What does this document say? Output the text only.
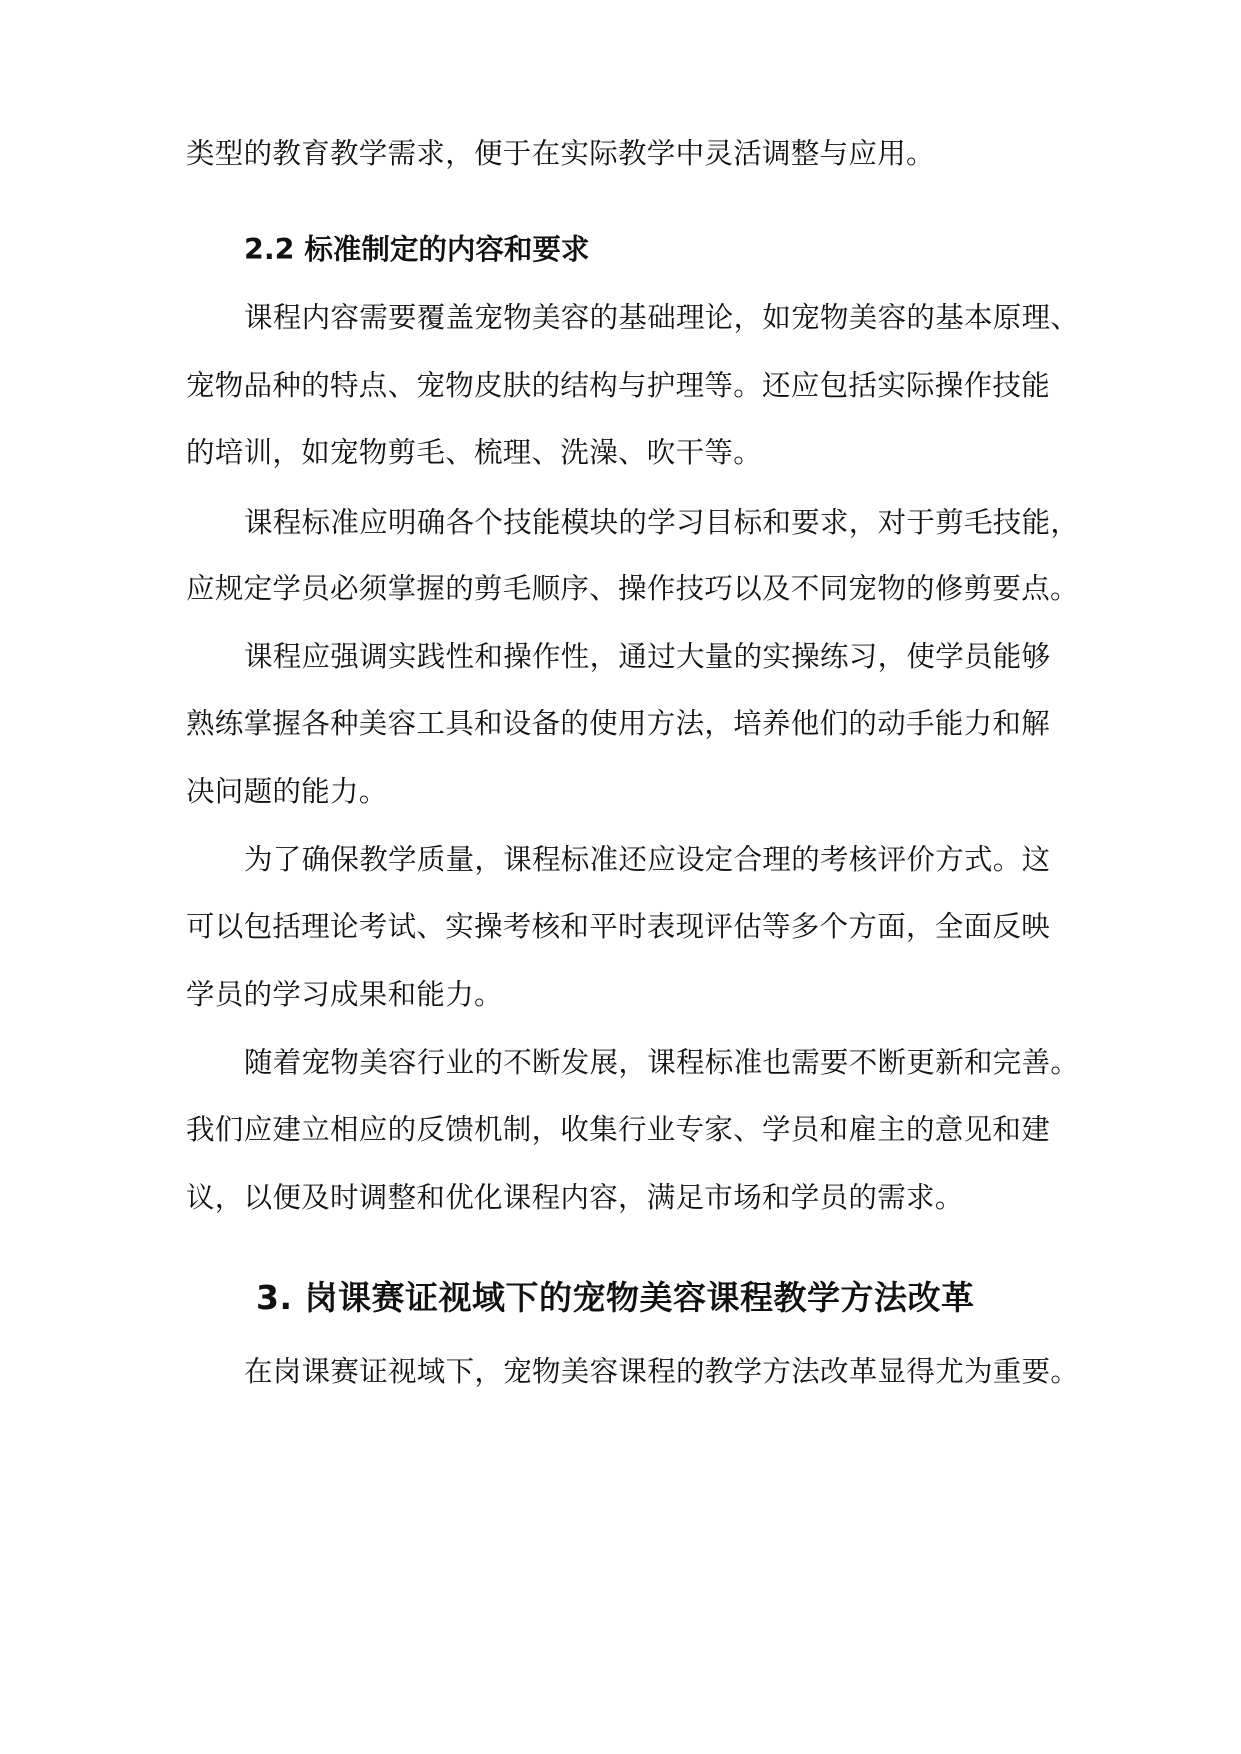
类型的教育教学需求，便于在实际教学中灵活调整与应用。
2.2 标准制定的内容和要求
课程内容需要覆盖宠物美容的基础理论，如宠物美容的基本原理、
宠物品种的特点、宠物皮肤的结构与护理等。还应包括实际操作技能
的培训，如宠物剪毛、梳理、洗澡、吹干等。
课程标准应明确各个技能模块的学习目标和要求，对于剪毛技能，
应规定学员必须掌握的剪毛顺序、操作技巧以及不同宠物的修剪要点。
课程应强调实践性和操作性，通过大量的实操练习，使学员能够
熟练掌握各种美容工具和设备的使用方法，培养他们的动手能力和解
决问题的能力。
为了确保教学质量，课程标准还应设定合理的考核评价方式。这
可以包括理论考试、实操考核和平时表现评估等多个方面，全面反映
学员的学习成果和能力。
随着宠物美容行业的不断发展，课程标准也需要不断更新和完善。
我们应建立相应的反馈机制，收集行业专家、学员和雇主的意见和建
议，以便及时调整和优化课程内容，满足市场和学员的需求。
3. 岗课赛证视域下的宠物美容课程教学方法改革
在岗课赛证视域下，宠物美容课程的教学方法改革显得尤为重要。
